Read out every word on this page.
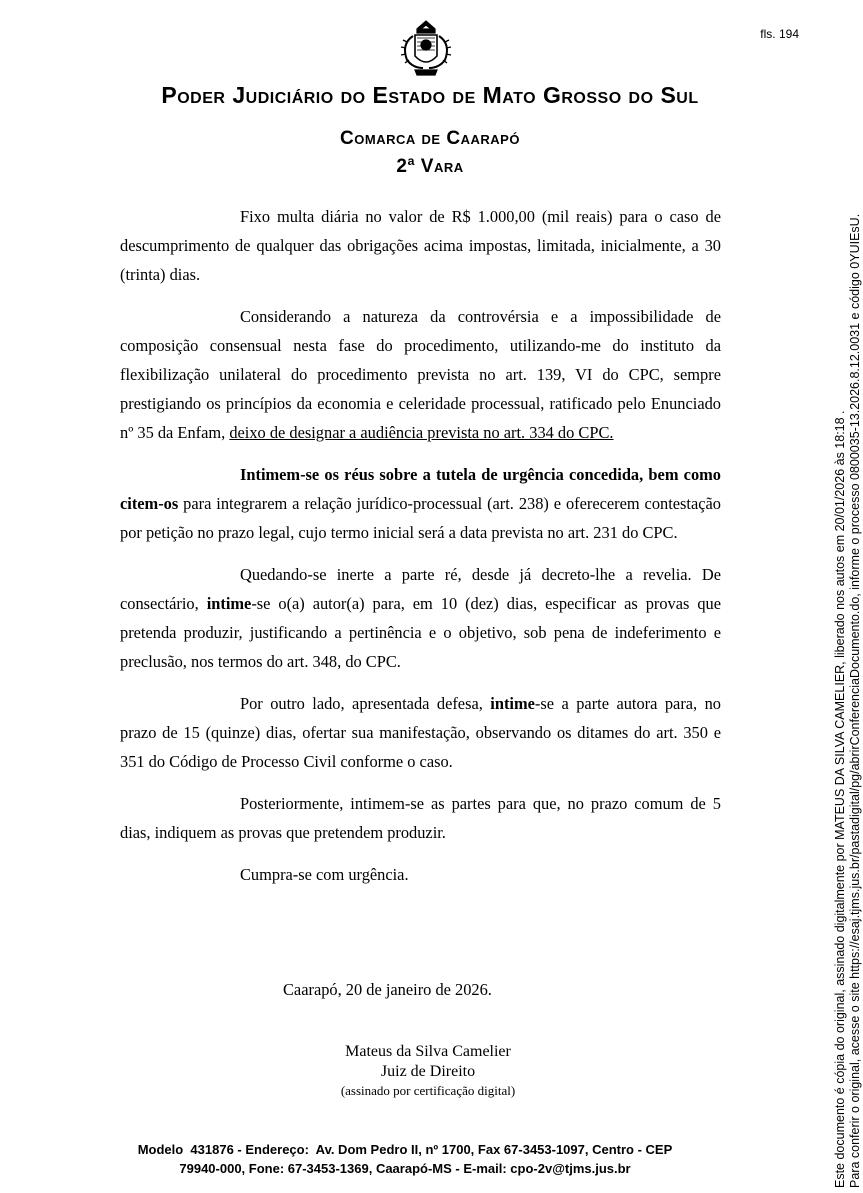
fls. 194
Poder Judiciário do Estado de Mato Grosso do Sul
Comarca de Caarapó
2ª Vara

Fixo multa diária no valor de R$ 1.000,00 (mil reais) para o caso de descumprimento de qualquer das obrigações acima impostas, limitada, inicialmente, a 30 (trinta) dias.

Considerando a natureza da controvérsia e a impossibilidade de composição consensual nesta fase do procedimento, utilizando-me do instituto da flexibilização unilateral do procedimento prevista no art. 139, VI do CPC, sempre prestigiando os princípios da economia e celeridade processual, ratificado pelo Enunciado nº 35 da Enfam, deixo de designar a audiência prevista no art. 334 do CPC.

Intimem-se os réus sobre a tutela de urgência concedida, bem como citem-os para integrarem a relação jurídico-processual (art. 238) e oferecerem contestação por petição no prazo legal, cujo termo inicial será a data prevista no art. 231 do CPC.

Quedando-se inerte a parte ré, desde já decreto-lhe a revelia. De consectário, intime-se o(a) autor(a) para, em 10 (dez) dias, especificar as provas que pretenda produzir, justificando a pertinência e o objetivo, sob pena de indeferimento e preclusão, nos termos do art. 348, do CPC.

Por outro lado, apresentada defesa, intime-se a parte autora para, no prazo de 15 (quinze) dias, ofertar sua manifestação, observando os ditames do art. 350 e 351 do Código de Processo Civil conforme o caso.

Posteriormente, intimem-se as partes para que, no prazo comum de 5 dias, indiquem as provas que pretendem produzir.

Cumpra-se com urgência.

Caarapó, 20 de janeiro de 2026.
Mateus da Silva Camelier
Juiz de Direito
(assinado por certificação digital)
Modelo  431876 - Endereço:  Av. Dom Pedro II, nº 1700, Fax 67-3453-1097, Centro - CEP
79940-000, Fone: 67-3453-1369, Caarapó-MS - E-mail: cpo-2v@tjms.jus.br	Este documento é cópia do original, assinado digitalmente por MATEUS DA SILVA CAMELIER, liberado nos autos em 20/01/2026 às 18:18 . Para conferir o original, acesse o site https://esaj.tjms.jus.br/pastadigital/pg/abrirConferenciaDocumento.do, informe o processo 0800035-13.2026.8.12.0031 e código 0YUIEsU.
